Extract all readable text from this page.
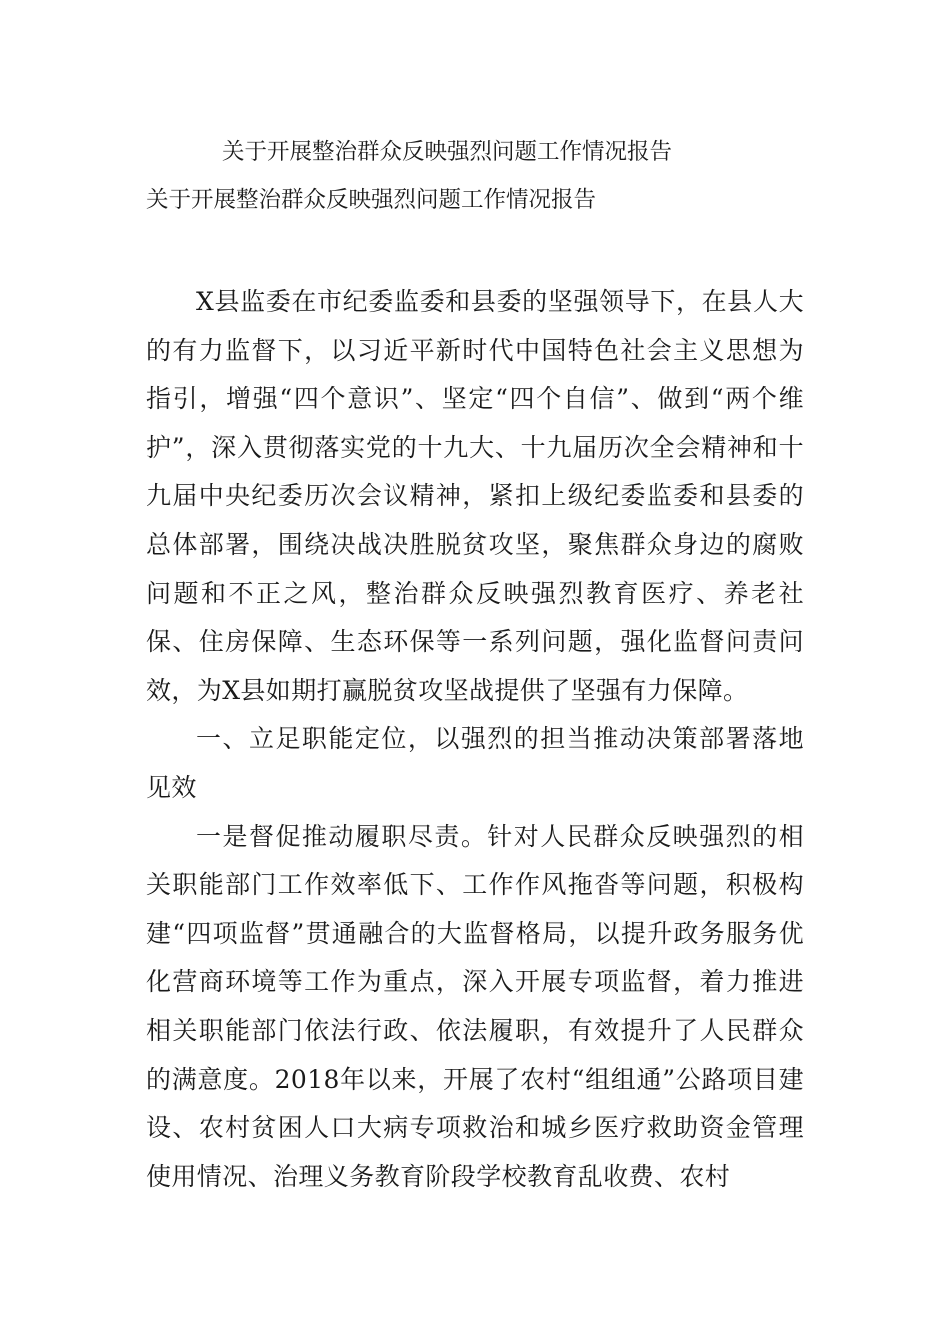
关于开展整治群众反映强烈问题工作情况报告
关于开展整治群众反映强烈问题工作情况报告

X县监委在市纪委监委和县委的坚强领导下，在县人大的有力监督下，以习近平新时代中国特色社会主义思想为指引，增强“四个意识”、坚定“四个自信”、做到“两个维护”，深入贯彻落实党的十九大、十九届历次全会精神和十九届中央纪委历次会议精神，紧扣上级纪委监委和县委的总体部署，围绕决战决胜脱贫攻坚，聚焦群众身边的腐败问题和不正之风，整治群众反映强烈教育医疗、养老社保、住房保障、生态环保等一系列问题，强化监督问责问效，为X县如期打赢脱贫攻坚战提供了坚强有力保障。

一、立足职能定位，以强烈的担当推动决策部署落地见效

一是督促推动履职尽责。针对人民群众反映强烈的相关职能部门工作效率低下、工作作风拖沓等问题，积极构建“四项监督”贯通融合的大监督格局，以提升政务服务优化营商环境等工作为重点，深入开展专项监督，着力推进相关职能部门依法行政、依法履职，有效提升了人民群众的满意度。2018年以来，开展了农村“组组通”公路项目建设、农村贫困人口大病专项救治和城乡医疗救助资金管理使用情况、治理义务教育阶段学校教育乱收费、农村
